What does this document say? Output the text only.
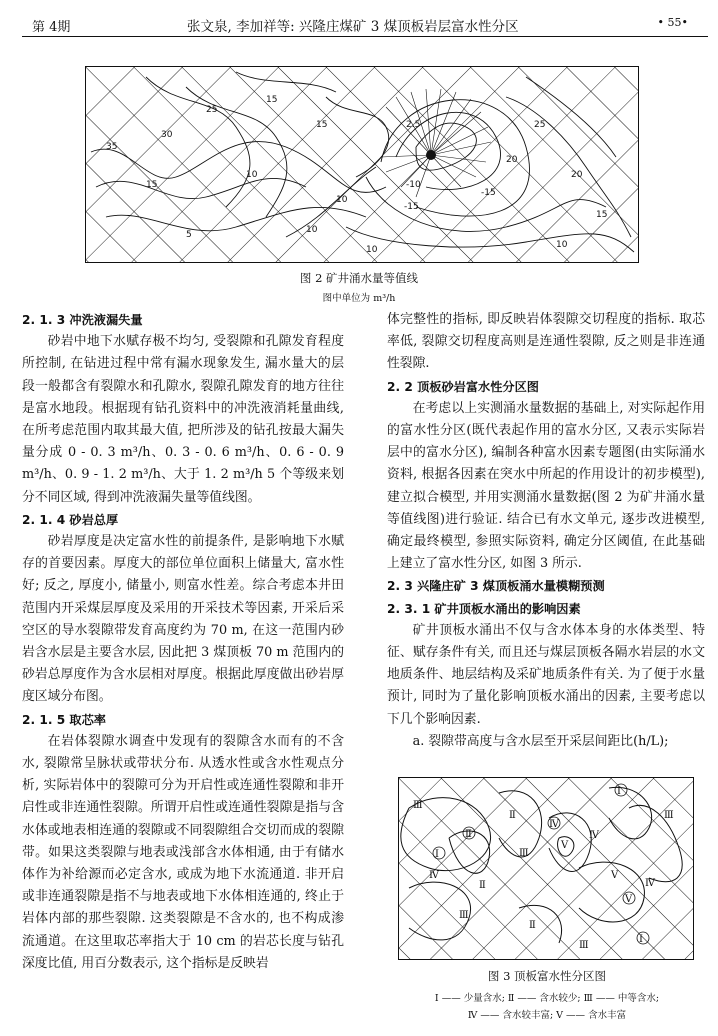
第 4期	张文泉, 李加祥等: 兴隆庄煤矿 3 煤顶板岩层富水性分区	• 55•
35
30
25
15
10
15
2.5
-10
-15
-15
20
25
20
15
10
10
5
10	10
15
图 2 矿井涌水量等值线
图中单位为 m³/h

2. 1. 3 冲洗液漏失量

砂岩中地下水赋存极不均匀, 受裂隙和孔隙发育程度所控制, 在钻进过程中常有漏水现象发生, 漏水量大的层段一般都含有裂隙水和孔隙水, 裂隙孔隙发育的地方往往是富水地段。根据现有钻孔资料中的冲洗液消耗量曲线, 在所考虑范围内取其最大值, 把所涉及的钻孔按最大漏失量分成 0 - 0. 3 m³/h、0. 3 - 0. 6 m³/h、0. 6 - 0. 9 m³/h、0. 9 - 1. 2 m³/h、大于 1. 2 m³/h 5 个等级来划分不同区域, 得到冲洗液漏失量等值线图。

2. 1. 4 砂岩总厚

砂岩厚度是决定富水性的前提条件, 是影响地下水赋存的首要因素。厚度大的部位单位面积上储量大, 富水性好; 反之, 厚度小, 储量小, 则富水性差。综合考虑本井田范围内开采煤层厚度及采用的开采技术等因素, 开采后采空区的导水裂隙带发育高度约为 70 m, 在这一范围内砂岩含水层是主要含水层, 因此把 3 煤顶板 70 m 范围内的砂岩总厚度作为含水层相对厚度。根据此厚度做出砂岩厚度区域分布图。

2. 1. 5 取芯率

在岩体裂隙水调查中发现有的裂隙含水而有的不含水, 裂隙常呈脉状或带状分布. 从透水性或含水性观点分析, 实际岩体中的裂隙可分为开启性或连通性裂隙和非开启性或非连通性裂隙。所谓开启性或连通性裂隙是指与含水体或地表相连通的裂隙或不同裂隙组合交切而成的裂隙带。如果这类裂隙与地表或浅部含水体相通, 由于有储水体作为补给源而必定含水, 或成为地下水流通道. 非开启或非连通裂隙是指不与地表或地下水体相连通的, 终止于岩体内部的那些裂隙. 这类裂隙是不含水的, 也不构成渗流通道。在这里取芯率指大于 10 cm 的岩芯长度与钻孔深度比值, 用百分数表示, 这个指标是反映岩

体完整性的指标, 即反映岩体裂隙交切程度的指标. 取芯率低, 裂隙交切程度高则是连通性裂隙, 反之则是非连通性裂隙.

2. 2 顶板砂岩富水性分区图

在考虑以上实测涌水量数据的基础上, 对实际起作用的富水性分区(既代表起作用的富水分区, 又表示实际岩层中的富水分区), 编制各种富水因素专题图(由实际涌水资料, 根据各因素在突水中所起的作用设计的初步模型), 建立拟合模型, 并用实测涌水量数据(图 2 为矿井涌水量等值线图)进行验证. 结合已有水文单元, 逐步改进模型, 确定最终模型, 参照实际资料, 确定分区阈值, 在此基础上建立了富水性分区, 如图 3 所示.

2. 3 兴隆庄矿 3 煤顶板涌水量模糊预测

2. 3. 1 矿井顶板水涌出的影响因素

矿井顶板水涌出不仅与含水体本身的水体类型、特征、赋存条件有关, 而且还与煤层顶板各隔水岩层的水文地质条件、地层结构及采矿地质条件有关. 为了便于水量预计, 同时为了量化影响顶板水涌出的因素, 主要考虑以下几个影响因素.

a. 裂隙带高度与含水层至开采层间距比(h/L);

Ⅲ
Ⅰ
Ⅱ
Ⅱ
Ⅳ
Ⅲ
Ⅴ
Ⅳ
Ⅳ
Ⅱ
Ⅴ
Ⅰ
Ⅳ
Ⅲ
Ⅲ
Ⅱ
Ⅲ
Ⅴ
Ⅰ
图 3 顶板富水性分区图
Ⅰ —— 少量含水; Ⅱ —— 含水较少; Ⅲ —— 中等含水;
Ⅳ —— 含水较丰富; Ⅴ —— 含水丰富
